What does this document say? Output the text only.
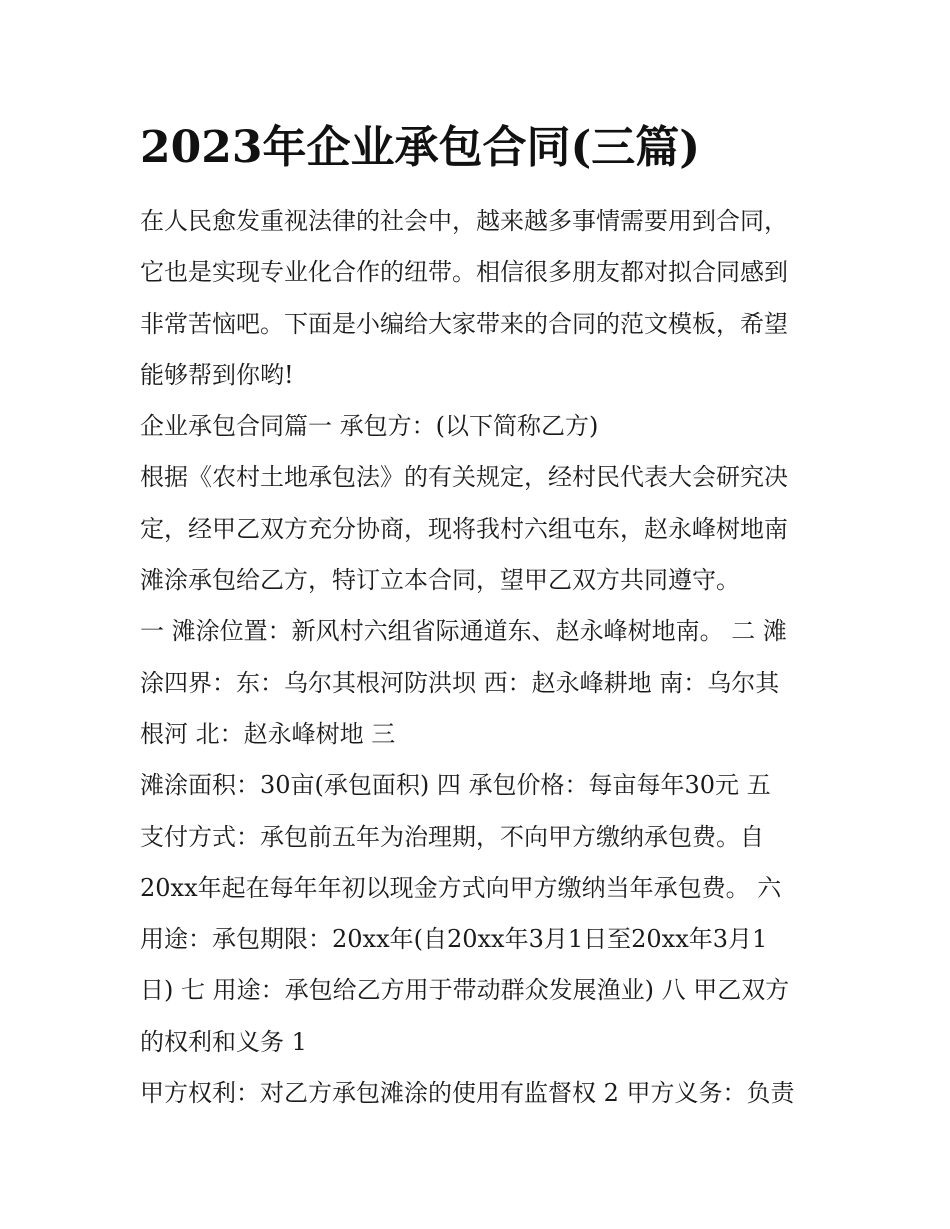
2023年企业承包合同(三篇)
在人民愈发重视法律的社会中，越来越多事情需要用到合同，
它也是实现专业化合作的纽带。相信很多朋友都对拟合同感到
非常苦恼吧。下面是小编给大家带来的合同的范文模板，希望
能够帮到你哟!
企业承包合同篇一 承包方：(以下简称乙方)
根据《农村土地承包法》的有关规定，经村民代表大会研究决
定，经甲乙双方充分协商，现将我村六组屯东，赵永峰树地南
滩涂承包给乙方，特订立本合同，望甲乙双方共同遵守。
一 滩涂位置：新风村六组省际通道东、赵永峰树地南。 二 滩
涂四界：东：乌尔其根河防洪坝 西：赵永峰耕地 南：乌尔其
根河 北：赵永峰树地 三
滩涂面积：30亩(承包面积) 四 承包价格：每亩每年30元 五
支付方式：承包前五年为治理期，不向甲方缴纳承包费。自
20xx年起在每年年初以现金方式向甲方缴纳当年承包费。 六
用途：承包期限：20xx年(自20xx年3月1日至20xx年3月1
日) 七 用途：承包给乙方用于带动群众发展渔业) 八 甲乙双方
的权利和义务 1
甲方权利：对乙方承包滩涂的使用有监督权 2 甲方义务：负责
